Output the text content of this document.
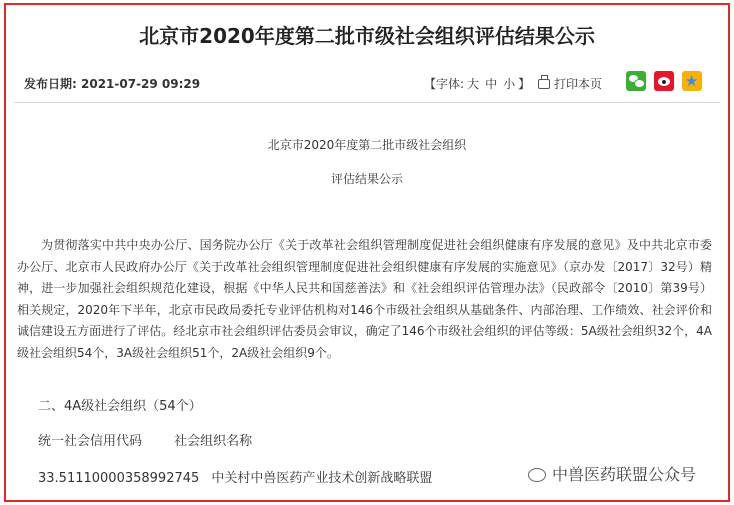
北京市2020年度第二批市级社会组织评估结果公示
发布日期: 2021-07-29 09:29	【字体: 大 中 小 】	打印本页	★
北京市2020年度第二批市级社会组织
评估结果公示

为贯彻落实中共中央办公厅、国务院办公厅《关于改革社会组织管理制度促进社会组织健康有序发展的意见》及中共北京市委办公厅、北京市人民政府办公厅《关于改革社会组织管理制度促进社会组织健康有序发展的实施意见》（京办发〔2017〕32号）精神，进一步加强社会组织规范化建设，根据《中华人民共和国慈善法》和《社会组织评估管理办法》（民政部令〔2010〕第39号）相关规定，2020年下半年，北京市民政局委托专业评估机构对146个市级社会组织从基础条件、内部治理、工作绩效、社会评价和诚信建设五方面进行了评估。经北京市社会组织评估委员会审议，确定了146个市级社会组织的评估等级：5A级社会组织32个，4A级社会组织54个，3A级社会组织51个，2A级社会组织9个。

二、4A级社会组织（54个）
统一社会信用代码 社会组织名称
33.51110000358992745 中关村中兽医药产业技术创新战略联盟	中兽医药联盟公众号
